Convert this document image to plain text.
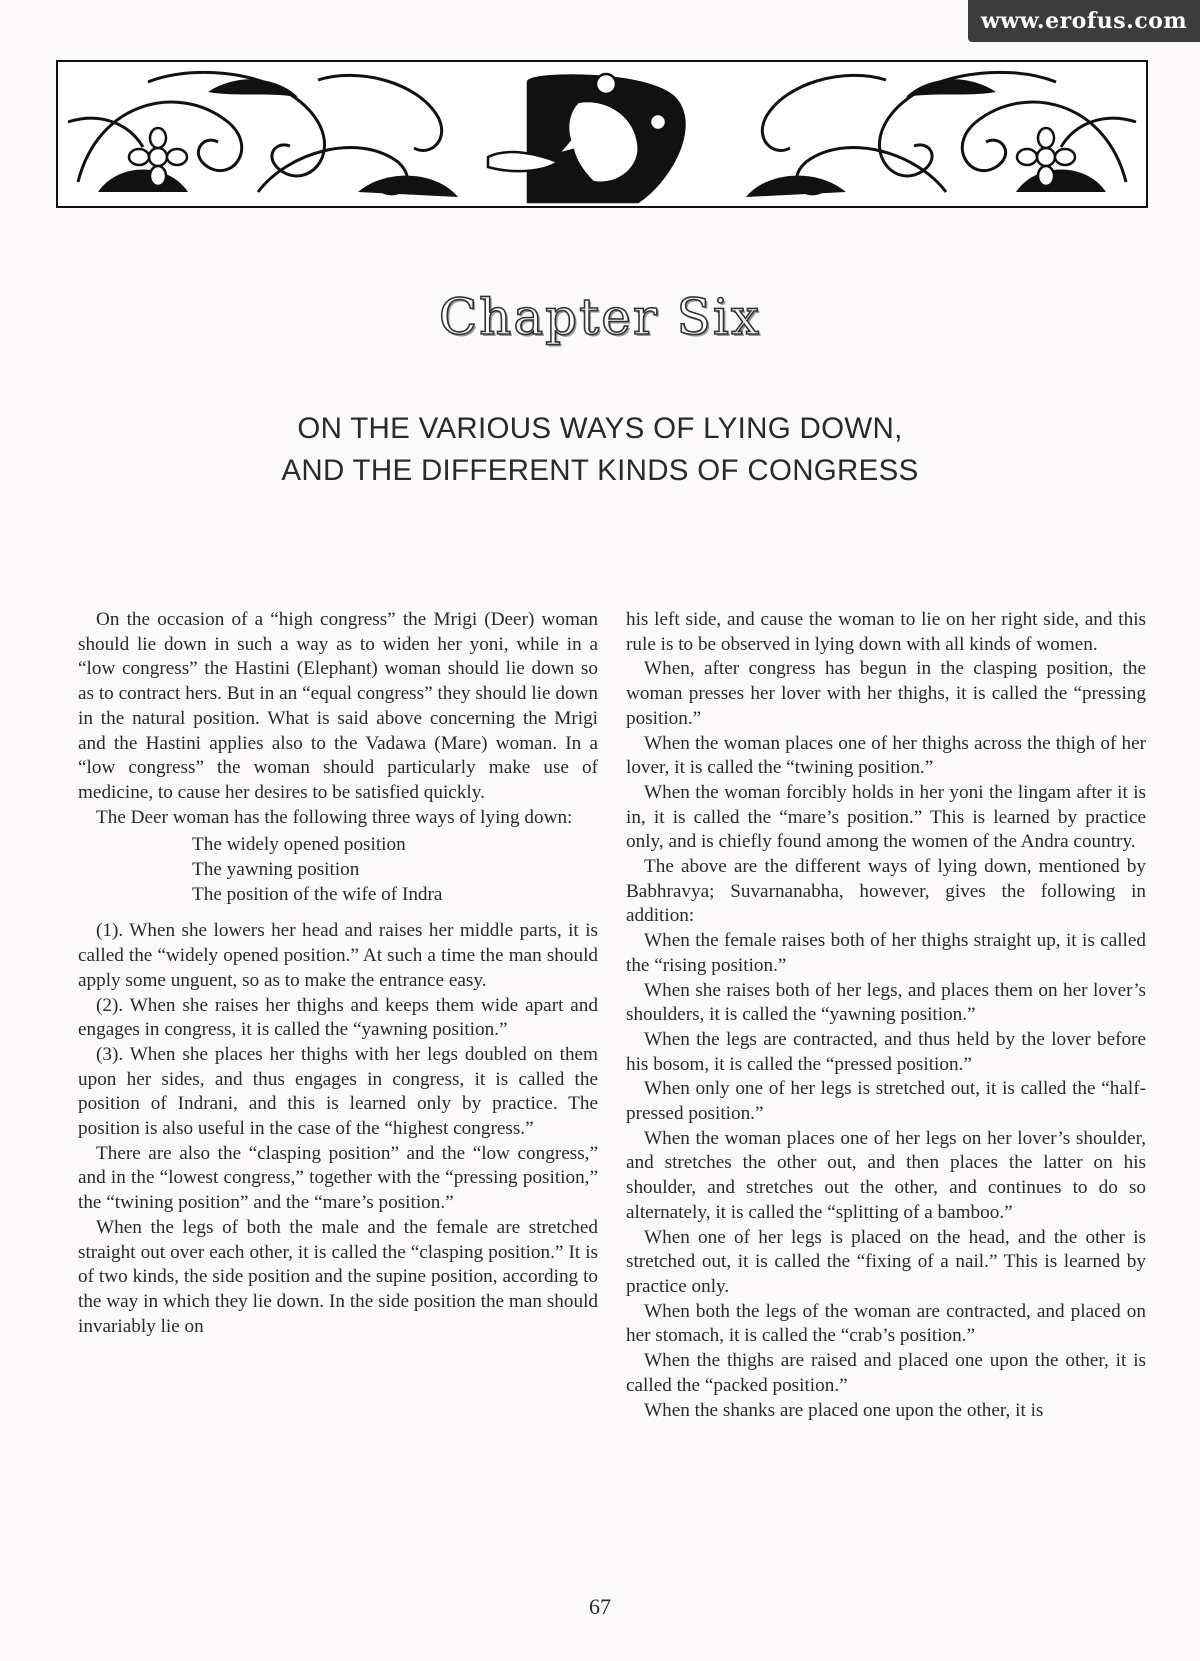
www.erofus.com
Chapter Six
ON THE VARIOUS WAYS OF LYING DOWN,
AND THE DIFFERENT KINDS OF CONGRESS

On the occasion of a “high congress” the Mrigi (Deer) woman should lie down in such a way as to widen her yoni, while in a “low congress” the Hastini (Elephant) woman should lie down so as to contract hers. But in an “equal congress” they should lie down in the natural position. What is said above concerning the Mrigi and the Hastini applies also to the Vadawa (Mare) woman. In a “low congress” the woman should particularly make use of medicine, to cause her desires to be satisfied quickly.

The Deer woman has the following three ways of lying down:

The widely opened position
The yawning position
The position of the wife of Indra

(1). When she lowers her head and raises her middle parts, it is called the “widely opened position.” At such a time the man should apply some unguent, so as to make the entrance easy.

(2). When she raises her thighs and keeps them wide apart and engages in congress, it is called the “yawning position.”

(3). When she places her thighs with her legs doubled on them upon her sides, and thus engages in congress, it is called the position of Indrani, and this is learned only by practice. The position is also useful in the case of the “highest congress.”

There are also the “clasping position” and the “low congress,” and in the “lowest congress,” together with the “pressing position,” the “twining position” and the “mare’s position.”

When the legs of both the male and the female are stretched straight out over each other, it is called the “clasping position.” It is of two kinds, the side position and the supine position, according to the way in which they lie down. In the side position the man should invariably lie on

his left side, and cause the woman to lie on her right side, and this rule is to be observed in lying down with all kinds of women.

When, after congress has begun in the clasping position, the woman presses her lover with her thighs, it is called the “pressing position.”

When the woman places one of her thighs across the thigh of her lover, it is called the “twining position.”

When the woman forcibly holds in her yoni the lingam after it is in, it is called the “mare’s position.” This is learned by practice only, and is chiefly found among the women of the Andra country.

The above are the different ways of lying down, mentioned by Babhravya; Suvarnanabha, however, gives the following in addition:

When the female raises both of her thighs straight up, it is called the “rising position.”

When she raises both of her legs, and places them on her lover’s shoulders, it is called the “yawning position.”

When the legs are contracted, and thus held by the lover before his bosom, it is called the “pressed position.”

When only one of her legs is stretched out, it is called the “half-pressed position.”

When the woman places one of her legs on her lover’s shoulder, and stretches the other out, and then places the latter on his shoulder, and stretches out the other, and continues to do so alternately, it is called the “splitting of a bamboo.”

When one of her legs is placed on the head, and the other is stretched out, it is called the “fixing of a nail.” This is learned by practice only.

When both the legs of the woman are contracted, and placed on her stomach, it is called the “crab’s position.”

When the thighs are raised and placed one upon the other, it is called the “packed position.”

When the shanks are placed one upon the other, it is

67
